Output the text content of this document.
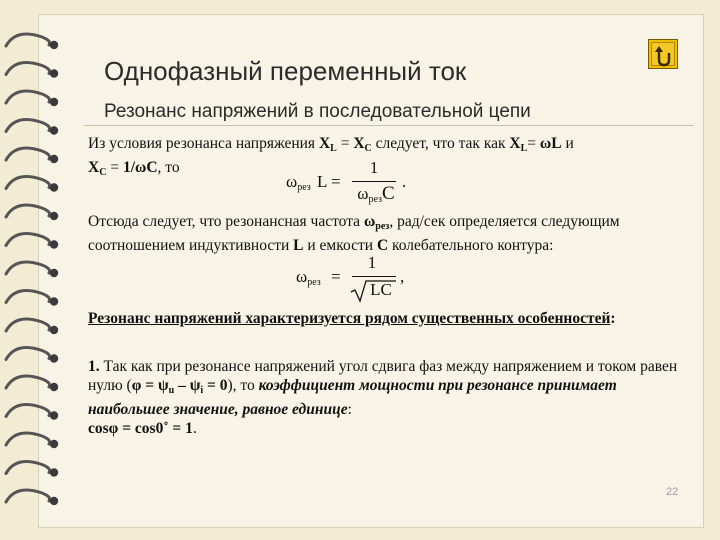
Однофазный переменный ток
Резонанс напряжений в последовательной цепи
Из условия резонанса напряжения $X_L = X_C$ следует, что так как $X_L= \omega L$ и
$X_C = 1/\omega C$, то
$\omega_{рез}$ L =
1
$\omega_{рез}C$
.
Отсюда следует, что резонансная частота $\omega_{рез}$, рад/сек определяется следующим соотношением индуктивности L и емкости C колебательного контура:
$\omega_{рез}$ =
1
LC
,
Резонанс напряжений характеризуется рядом существенных особенностей:
1. Так как при резонансе напряжений угол сдвига фаз между напряжением и током равен нулю $(\varphi = \psi_u - \psi_i = 0)$, то коэффициент мощности при резонансе принимает наибольшее значение, равное единице:
cosφ = cos0˚ = 1.
22
